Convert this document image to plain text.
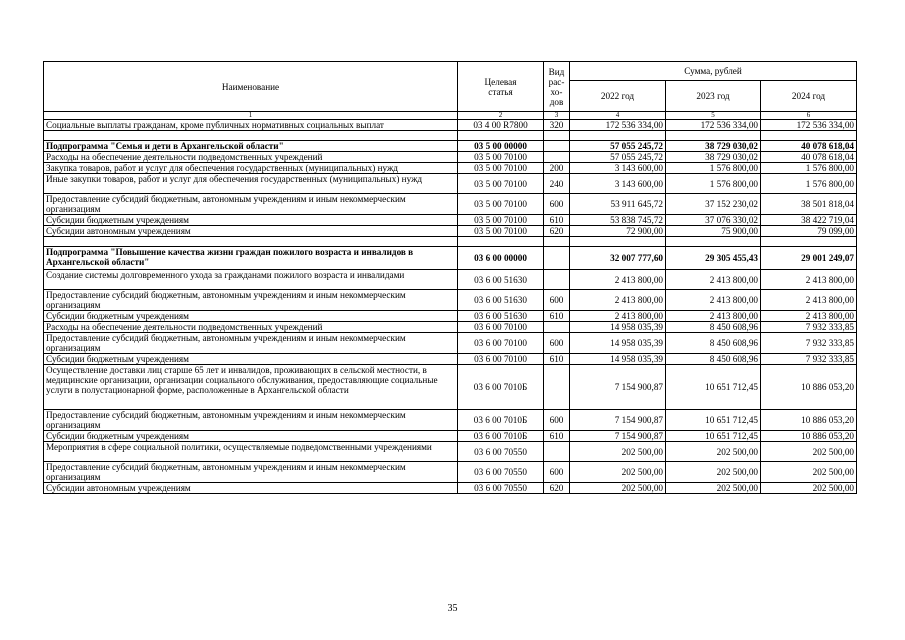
Наименование	Целевая статья	Вид рас-хо-дов	Сумма, рублей		
			2022 год	2023 год	2024 год
1	2	3	4	5	6
Социальные выплаты гражданам, кроме публичных нормативных социальных выплат	03 4 00 R7800	320	172 536 334,00	172 536 334,00	172 536 334,00

Подпрограмма "Семья и дети в Архангельской области"	03 5 00 00000		57 055 245,72	38 729 030,02	40 078 618,04
Расходы на обеспечение деятельности подведомственных учреждений	03 5 00 70100		57 055 245,72	38 729 030,02	40 078 618,04
Закупка товаров, работ и услуг для обеспечения государственных (муниципальных) нужд	03 5 00 70100	200	3 143 600,00	1 576 800,00	1 576 800,00
Иные закупки товаров, работ и услуг для обеспечения государственных (муниципальных) нужд	03 5 00 70100	240	3 143 600,00	1 576 800,00	1 576 800,00
Предоставление субсидий бюджетным, автономным учреждениям и иным некоммерческим организациям	03 5 00 70100	600	53 911 645,72	37 152 230,02	38 501 818,04
Субсидии бюджетным учреждениям	03 5 00 70100	610	53 838 745,72	37 076 330,02	38 422 719,04
Субсидии автономным учреждениям	03 5 00 70100	620	72 900,00	75 900,00	79 099,00

Подпрограмма "Повышение качества жизни граждан пожилого возраста и инвалидов в Архангельской области"	03 6 00 00000		32 007 777,60	29 305 455,43	29 001 249,07
Создание системы долговременного ухода за гражданами пожилого возраста и инвалидами	03 6 00 51630		2 413 800,00	2 413 800,00	2 413 800,00
Предоставление субсидий бюджетным, автономным учреждениям и иным некоммерческим организациям	03 6 00 51630	600	2 413 800,00	2 413 800,00	2 413 800,00
Субсидии бюджетным учреждениям	03 6 00 51630	610	2 413 800,00	2 413 800,00	2 413 800,00
Расходы на обеспечение деятельности подведомственных учреждений	03 6 00 70100		14 958 035,39	8 450 608,96	7 932 333,85
Предоставление субсидий бюджетным, автономным учреждениям и иным некоммерческим организациям	03 6 00 70100	600	14 958 035,39	8 450 608,96	7 932 333,85
Субсидии бюджетным учреждениям	03 6 00 70100	610	14 958 035,39	8 450 608,96	7 932 333,85
Осуществление доставки лиц старше 65 лет и инвалидов, проживающих в сельской местности, в медицинские организации, организации социального обслуживания, предоставляющие социальные услуги в полустационарной форме, расположенные в Архангельской области	03 6 00 7010Б		7 154 900,87	10 651 712,45	10 886 053,20
Предоставление субсидий бюджетным, автономным учреждениям и иным некоммерческим организациям	03 6 00 7010Б	600	7 154 900,87	10 651 712,45	10 886 053,20
Субсидии бюджетным учреждениям	03 6 00 7010Б	610	7 154 900,87	10 651 712,45	10 886 053,20
Мероприятия в сфере социальной политики, осуществляемые подведомственными учреждениями	03 6 00 70550		202 500,00	202 500,00	202 500,00
Предоставление субсидий бюджетным, автономным учреждениям и иным некоммерческим организациям	03 6 00 70550	600	202 500,00	202 500,00	202 500,00
Субсидии автономным учреждениям	03 6 00 70550	620	202 500,00	202 500,00	202 500,00
35
